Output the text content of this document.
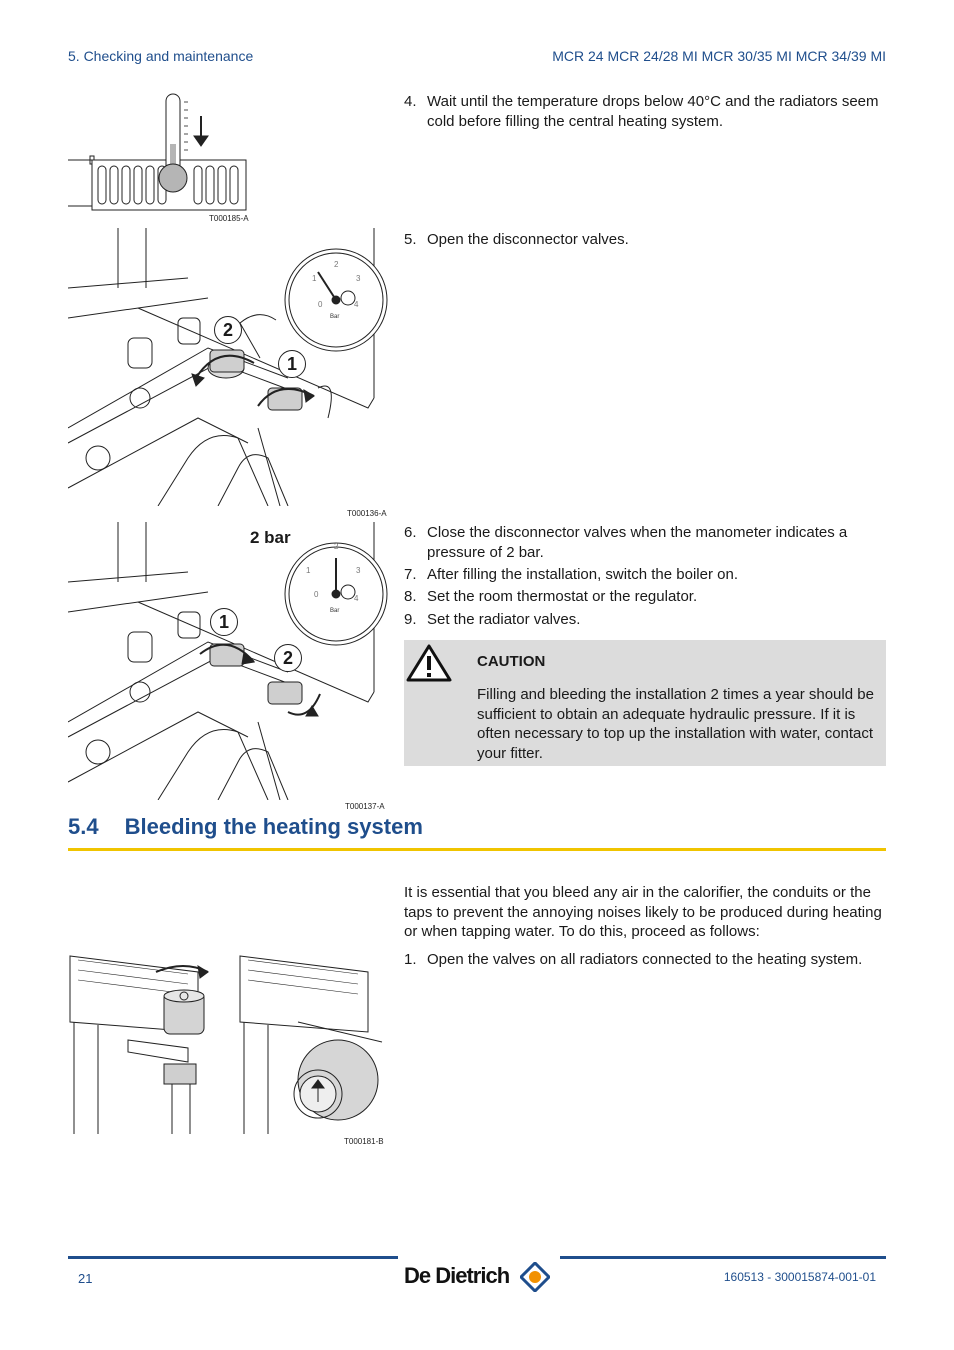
5. Checking and maintenance	MCR 24 MCR 24/28 MI MCR 30/35 MI MCR 34/39 MI
T000185-A
0
1
2
3
4
Bar
2
1
T000136-A
2 bar
0
1
2
3
4
Bar
1
2
T000137-A
4. Wait until the temperature drops below 40°C and the radiators seem cold before filling the central heating system.
5. Open the disconnector valves.
6. Close the disconnector valves when the manometer indicates a pressure of 2 bar.
7. After filling the installation, switch the boiler on.
8. Set the room thermostat or the regulator.
9. Set the radiator valves.
CAUTION
Filling and bleeding the installation 2 times a year should be sufficient to obtain an adequate hydraulic pressure. If it is often necessary to top up the installation with water, contact your fitter.
5.4 Bleeding the heating system
It is essential that you bleed any air in the calorifier, the conduits or the taps to prevent the annoying noises likely to be produced during heating or when tapping water. To do this, proceed as follows:
1. Open the valves on all radiators connected to the heating system.
T000181-B
21	De Dietrich	160513 - 300015874-001-01
